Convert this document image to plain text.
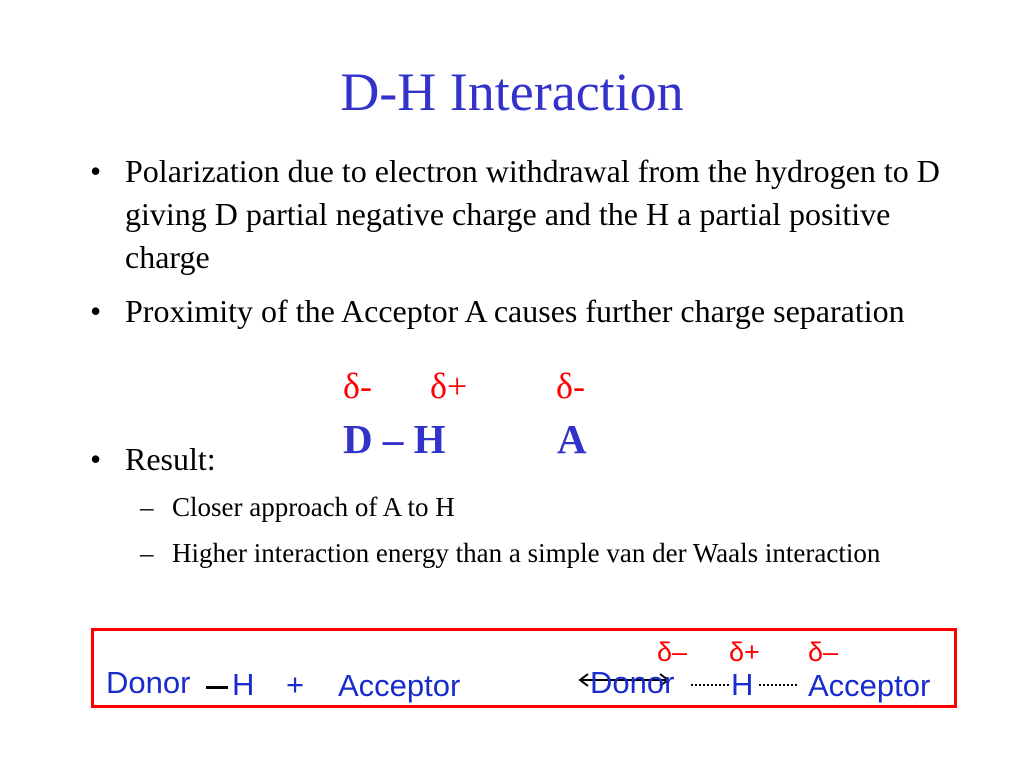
D-H Interaction
• Polarization due to electron withdrawal from the hydrogen to D giving D partial negative charge and the H a partial positive charge
• Proximity of the Acceptor A causes further charge separation
• Result:
– Closer approach of A to H
– Higher interaction energy than a simple van der Waals interaction
δ- δ+ δ-
D – H	A
Donor H + Acceptor
δ– δ+ δ–
Donor H Acceptor
